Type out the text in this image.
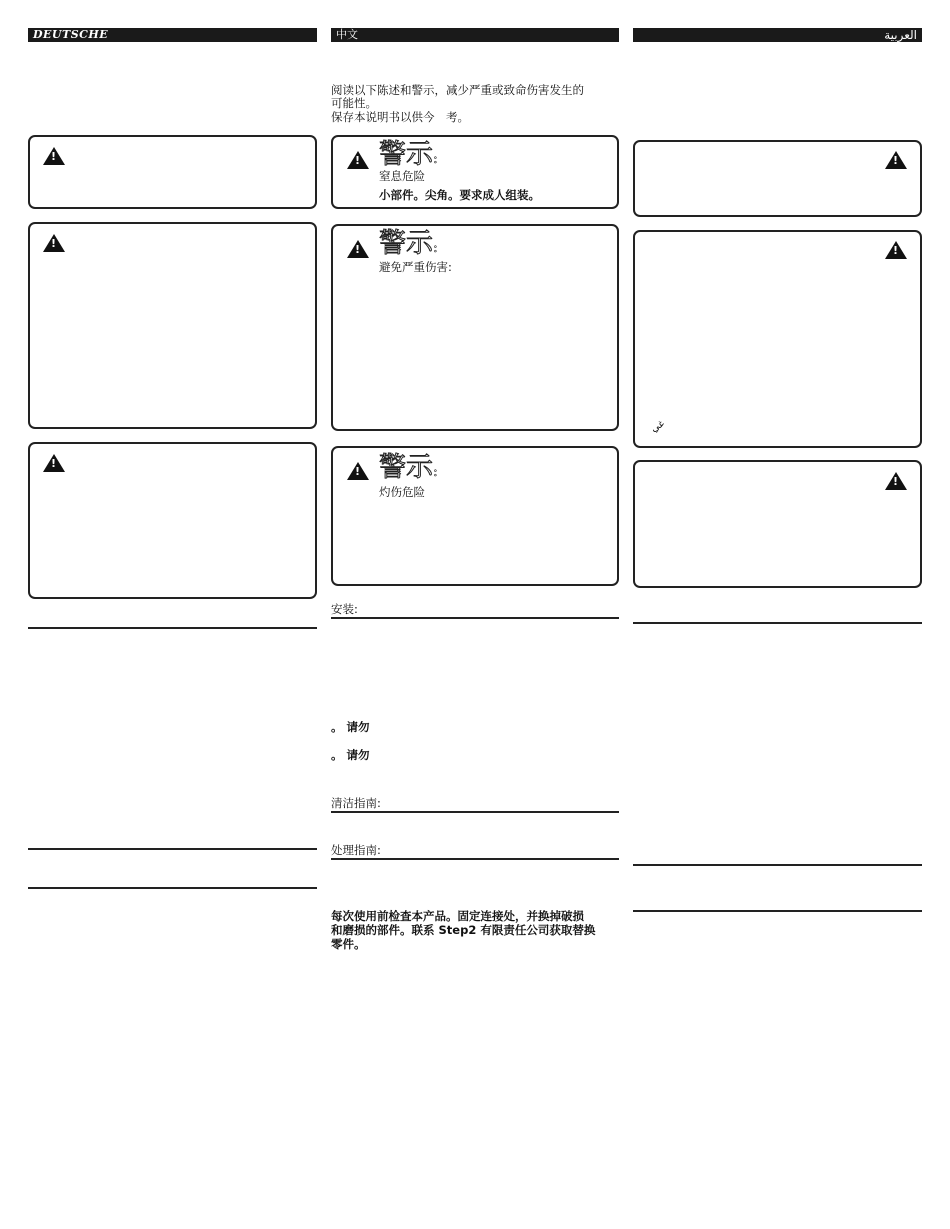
DEUTSCHE
!
!
!	中文
阅读以下陈述和警示，减少严重或致命伤害发生的
可能性。
保存本说明书以供今　考。
!
警示:
窒息危险
小部件。尖角。要求成人组装。
!
警示:
避免严重伤害:
!
警示:
灼伤危险
安装:
。 请勿
。 请勿
清洁指南:
处理指南:
每次使用前检查本产品。固定连接处，并换掉破损
和磨损的部件。联系 Step2 有限责任公司获取替换
零件。
العربية
!
!
غي
!
